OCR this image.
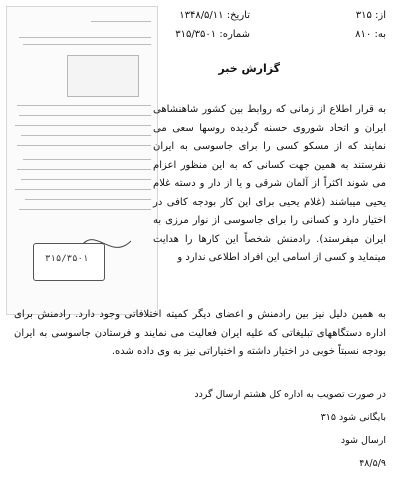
۳۱۵/۳۵۰۱
از: ۳۱۵
به: ۸۱۰
تاریخ: ۱۳۴۸/۵/۱۱
شماره: ۳۱۵/۳۵۰۱
گزارش خبر
به قرار اطلاع از زمانی که روابط بین کشور شاهنشاهی ایران و اتحاد شوروی حسنه گردیده روسها سعی می نمایند که از مسکو کسی را برای جاسوسی به ایران نفرستند به همین جهت کسانی که به این منظور اعزام می شوند اکثراً از آلمان شرقی و یا از دار و دسته غلام یحیی میباشند (غلام یحیی برای این کار بودجه کافی در اختیار دارد و کسانی را برای جاسوسی از نوار مرزی به ایران میفرستد). رادمنش شخصاً این کارها را هدایت مینماید و کسی از اسامی این افراد اطلاعی ندارد و
به همین دلیل نیز بین رادمنش و اعضای دیگر کمیته اختلافاتی وجود دارد. رادمنش برای اداره دستگاههای تبلیغاتی که علیه ایران فعالیت می نمایند و فرستادن جاسوسی به ایران بودجه نسبتاً خوبی در اختیار داشته و اختیاراتی نیز به وی داده شده.
در صورت تصویب به اداره کل هشتم ارسال گردد
بایگانی شود ۳۱۵
ارسال شود
۴۸/۵/۹
